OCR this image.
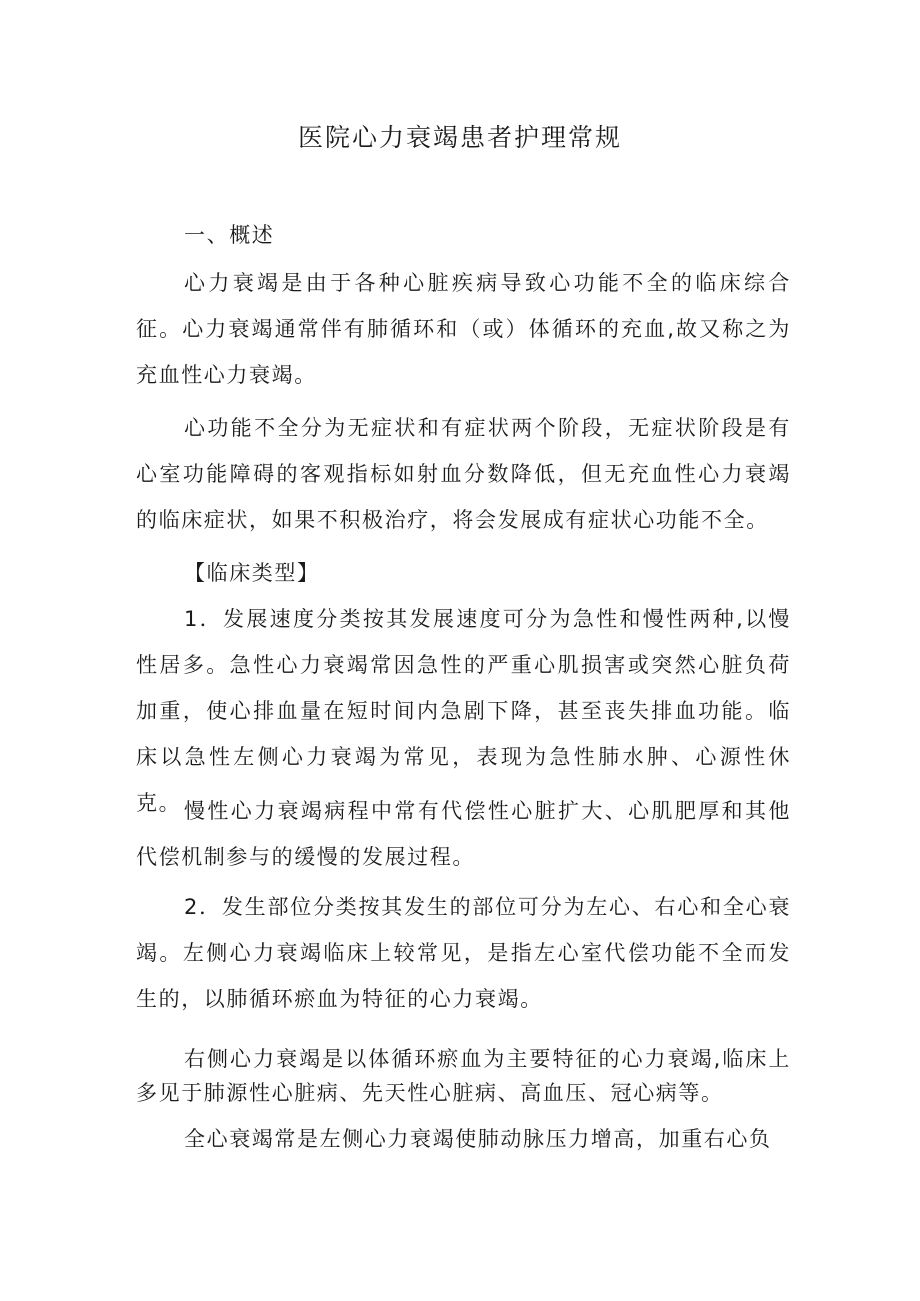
医院心力衰竭患者护理常规
一、概述

心力衰竭是由于各种心脏疾病导致心功能不全的临床综合征。心力衰竭通常伴有肺循环和（或）体循环的充血,故又称之为充血性心力衰竭。

心功能不全分为无症状和有症状两个阶段，无症状阶段是有心室功能障碍的客观指标如射血分数降低，但无充血性心力衰竭的临床症状，如果不积极治疗，将会发展成有症状心功能不全。

【临床类型】

1．发展速度分类按其发展速度可分为急性和慢性两种,以慢性居多。急性心力衰竭常因急性的严重心肌损害或突然心脏负荷加重，使心排血量在短时间内急剧下降，甚至丧失排血功能。临床以急性左侧心力衰竭为常见，表现为急性肺水肿、心源性休克。 慢性心力衰竭病程中常有代偿性心脏扩大、心肌肥厚和其他代偿机制参与的缓慢的发展过程。

2．发生部位分类按其发生的部位可分为左心、右心和全心衰竭。左侧心力衰竭临床上较常见，是指左心室代偿功能不全而发生的，以肺循环瘀血为特征的心力衰竭。

右侧心力衰竭是以体循环瘀血为主要特征的心力衰竭,临床上多见于肺源性心脏病、先天性心脏病、高血压、冠心病等。

全心衰竭常是左侧心力衰竭使肺动脉压力增高，加重右心负
